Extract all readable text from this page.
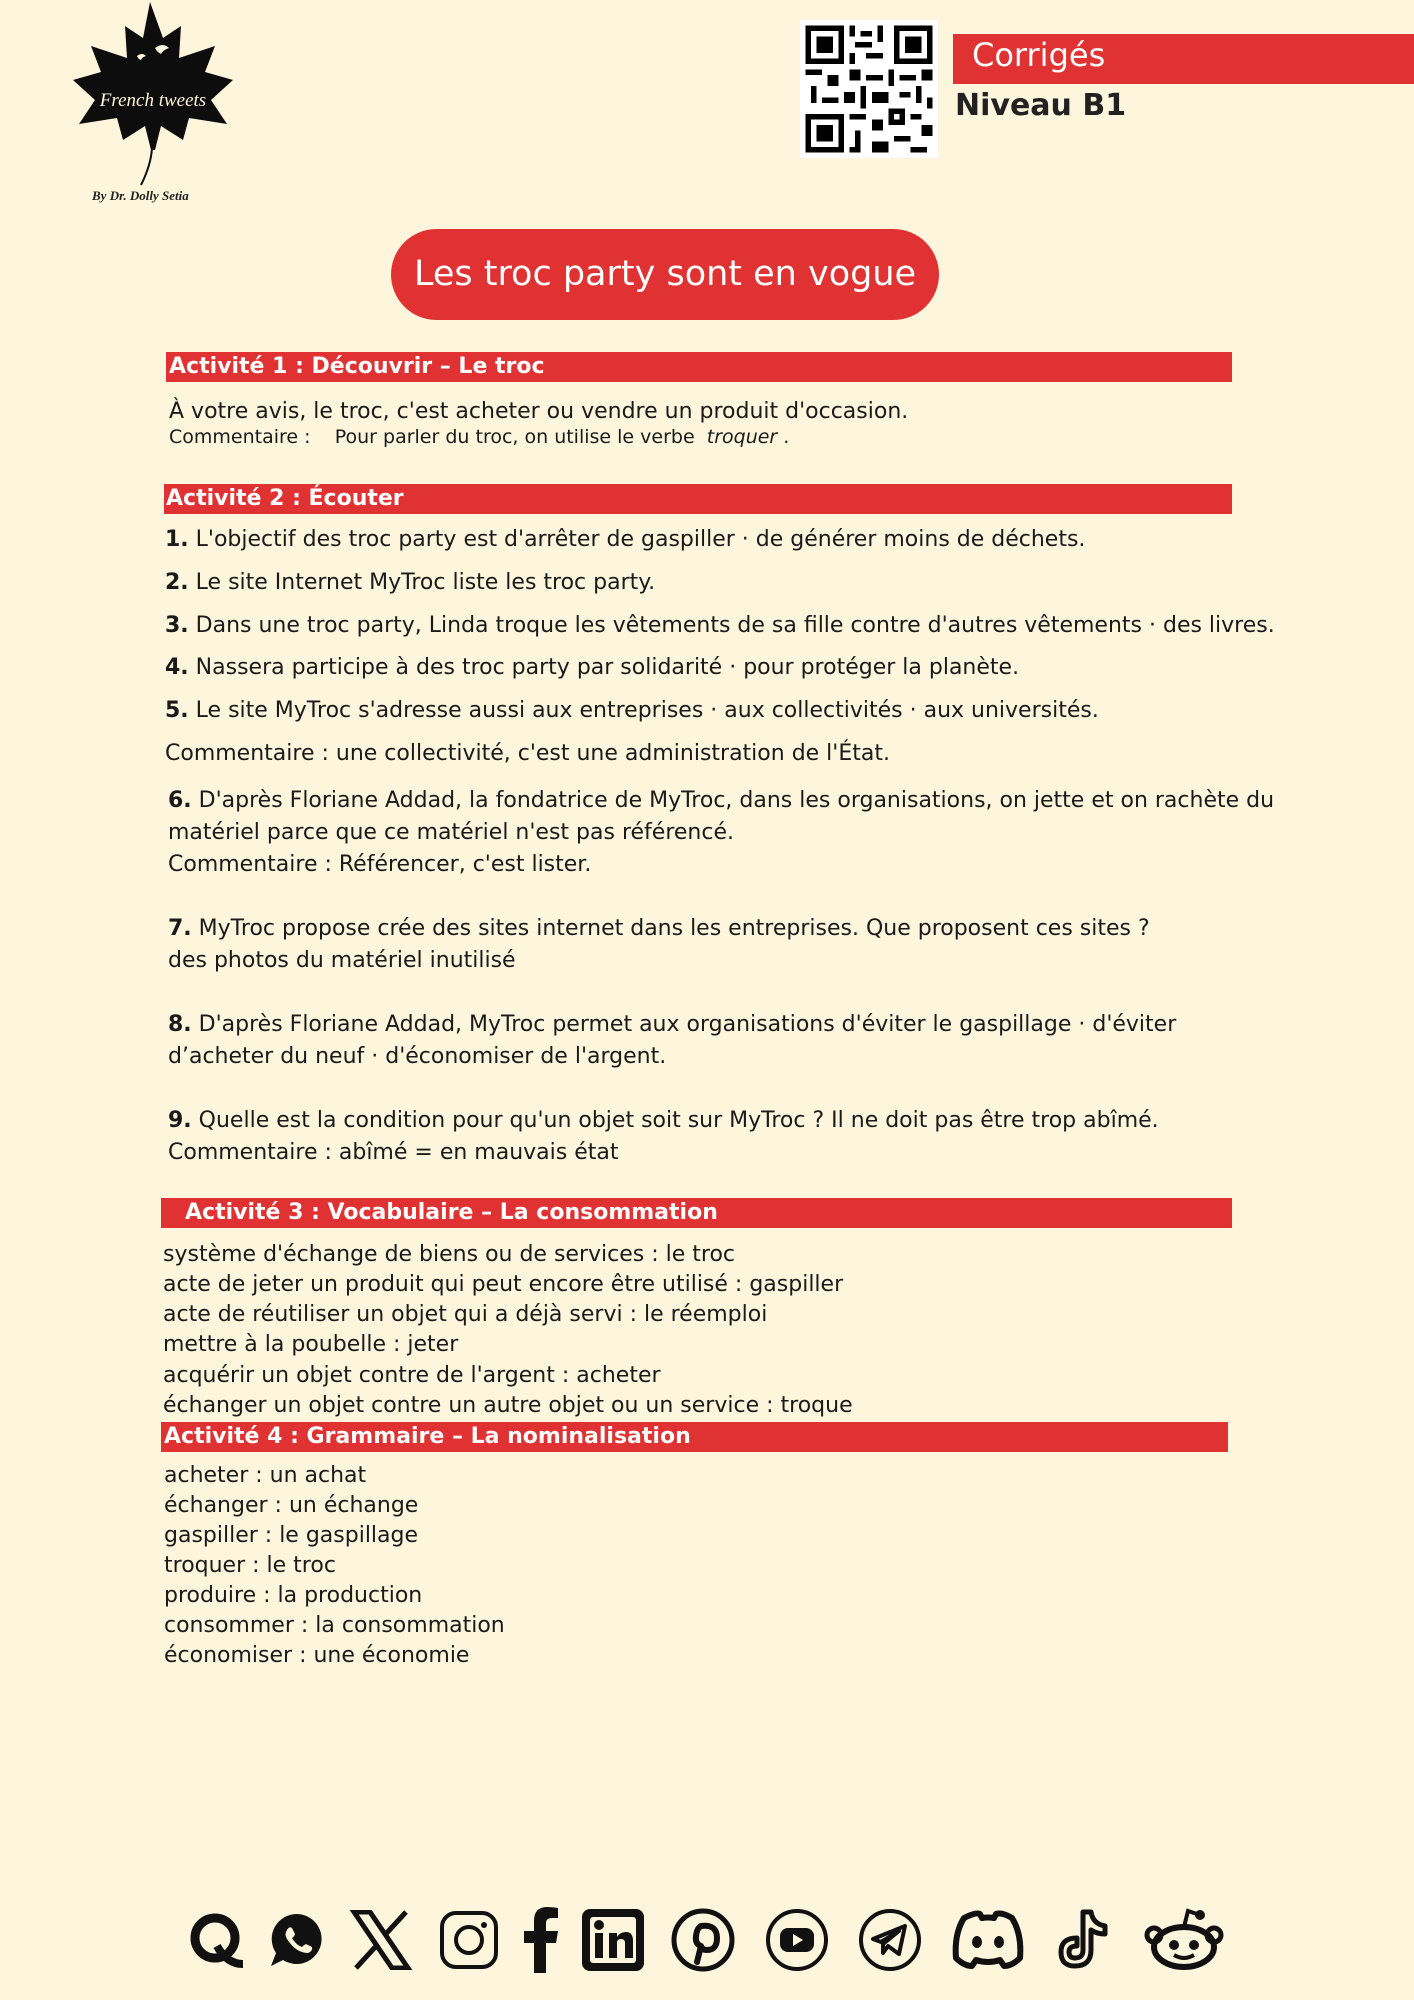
French tweets
By Dr. Dolly Setia
Corrigés
Niveau B1
Les troc party sont en vogue
Activité 1 : Découvrir – Le troc
À votre avis, le troc, c'est acheter ou vendre un produit d'occasion.
Commentaire : Pour parler du troc, on utilise le verbe troquer .
Activité 2 : Écouter
1. L'objectif des troc party est d'arrêter de gaspiller · de générer moins de déchets.
2. Le site Internet MyTroc liste les troc party.
3. Dans une troc party, Linda troque les vêtements de sa fille contre d'autres vêtements · des livres.
4. Nassera participe à des troc party par solidarité · pour protéger la planète.
5. Le site MyTroc s'adresse aussi aux entreprises · aux collectivités · aux universités.
Commentaire : une collectivité, c'est une administration de l'État.
6. D'après Floriane Addad, la fondatrice de MyTroc, dans les organisations, on jette et on rachète du
matériel parce que ce matériel n'est pas référencé.
Commentaire : Référencer, c'est lister.
7. MyTroc propose crée des sites internet dans les entreprises. Que proposent ces sites ?
des photos du matériel inutilisé
8. D'après Floriane Addad, MyTroc permet aux organisations d'éviter le gaspillage · d'éviter
d’acheter du neuf · d'économiser de l'argent.
9. Quelle est la condition pour qu'un objet soit sur MyTroc ? Il ne doit pas être trop abîmé.
Commentaire : abîmé = en mauvais état
Activité 3 : Vocabulaire – La consommation
système d'échange de biens ou de services : le troc
acte de jeter un produit qui peut encore être utilisé : gaspiller
acte de réutiliser un objet qui a déjà servi : le réemploi
mettre à la poubelle : jeter
acquérir un objet contre de l'argent : acheter
échanger un objet contre un autre objet ou un service : troque
Activité 4 : Grammaire – La nominalisation
acheter : un achat
échanger : un échange
gaspiller : le gaspillage
troquer : le troc
produire : la production
consommer : la consommation
économiser : une économie
